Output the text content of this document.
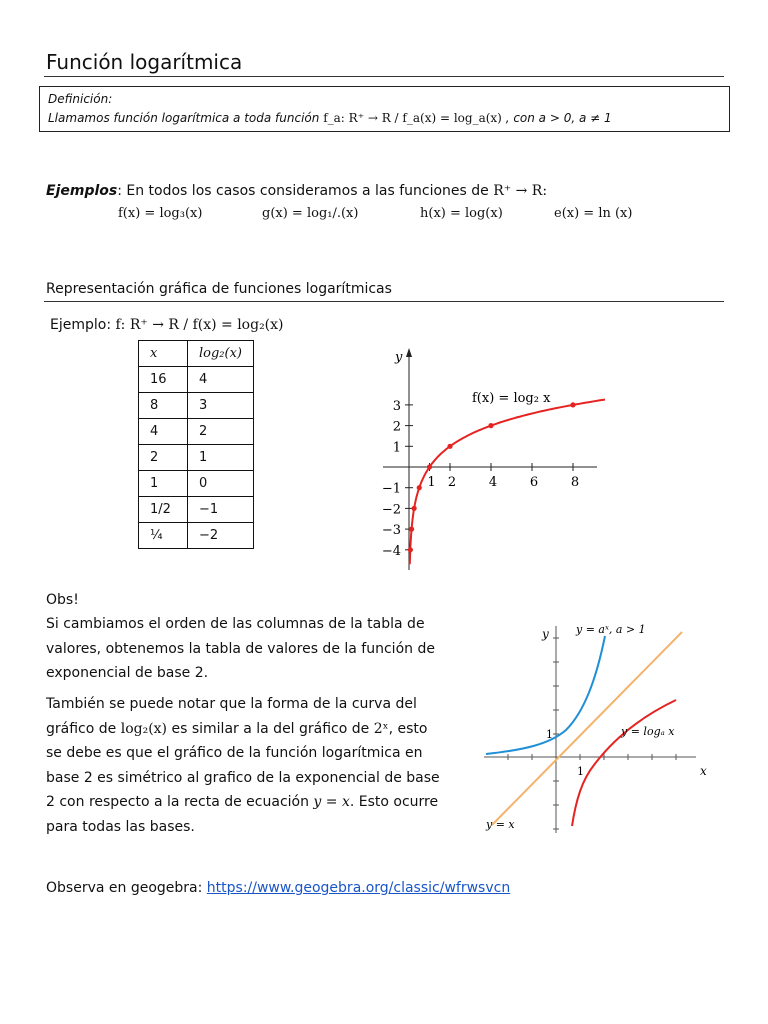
Función logarítmica
Definición:
Llamamos función logarítmica a toda función f_a: R⁺ → R / f_a(x) = log_a(x) , con a > 0, a ≠ 1
Ejemplos: En todos los casos consideramos a las funciones de R⁺ → R:
f(x) = log₃(x)	g(x) = log₁/.(x)	h(x) = log(x)	e(x) = ln (x)
Representación gráfica de funciones logarítmicas
Ejemplo: f: R⁺ → R / f(x) = log₂(x)
x	log₂(x)
16	4
8	3
4	2
2	1
1	0
1/2	−1
¼	−2
y
1 2	4	6	8
3
2
1
−1
−2
−3
−4
f(x) = log₂ x
Obs!
Si cambiamos el orden de las columnas de la tabla de valores, obtenemos la tabla de valores de la función de exponencial de base 2.
También se puede notar que la forma de la curva del gráfico de log₂(x) es similar a la del gráfico de 2ˣ, esto se debe es que el gráfico de la función logarítmica en base 2 es simétrico al grafico de la exponencial de base 2 con respecto a la recta de ecuación y = x. Esto ocurre para todas las bases.
y
x
1
1
y = aˣ, a > 1
y = logₐ x
y = x
Observa en geogebra: https://www.geogebra.org/classic/wfrwsvcn
